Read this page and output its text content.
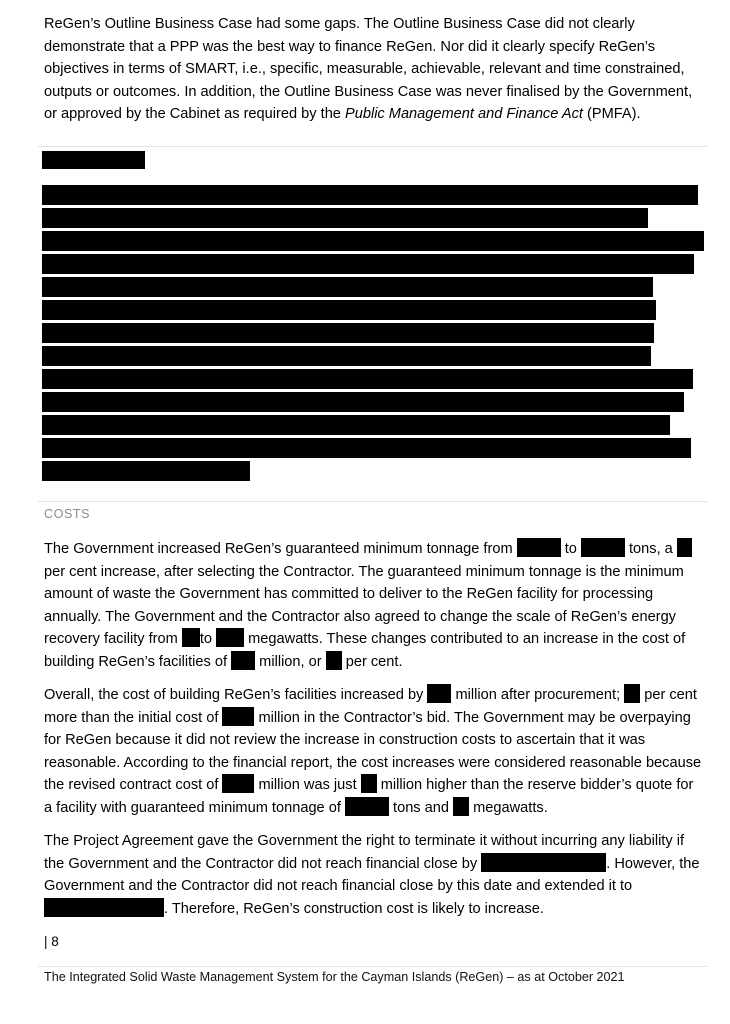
ReGen’s Outline Business Case had some gaps. The Outline Business Case did not clearly demonstrate that a PPP was the best way to finance ReGen. Nor did it clearly specify ReGen’s objectives in terms of SMART, i.e., specific, measurable, achievable, relevant and time constrained, outputs or outcomes. In addition, the Outline Business Case was never finalised by the Government, or approved by the Cabinet as required by the Public Management and Finance Act (PMFA).
COSTS
The Government increased ReGen’s guaranteed minimum tonnage from	to	tons, a  per cent increase, after selecting the Contractor. The guaranteed minimum tonnage is the minimum amount of waste the Government has committed to deliver to the ReGen facility for processing annually. The Government and the Contractor also agreed to change the scale of ReGen’s energy recovery facility from to  megawatts. These changes contributed to an increase in the cost of building ReGen’s facilities of  million, or  per cent.
Overall, the cost of building ReGen’s facilities increased by  million after procurement;  per cent more than the initial cost of  million in the Contractor’s bid. The Government may be overpaying for ReGen because it did not review the increase in construction costs to ascertain that it was reasonable. According to the financial report, the cost increases were considered reasonable because the revised contract cost of  million was just  million higher than the reserve bidder’s quote for a facility with guaranteed minimum tonnage of	tons and  megawatts.
The Project Agreement gave the Government the right to terminate it without incurring any liability if the Government and the Contractor did not reach financial close by	. However, the Government and the Contractor did not reach financial close by this date and extended it to . Therefore, ReGen’s construction cost is likely to increase.
| 8
The Integrated Solid Waste Management System for the Cayman Islands (ReGen) – as at October 2021
